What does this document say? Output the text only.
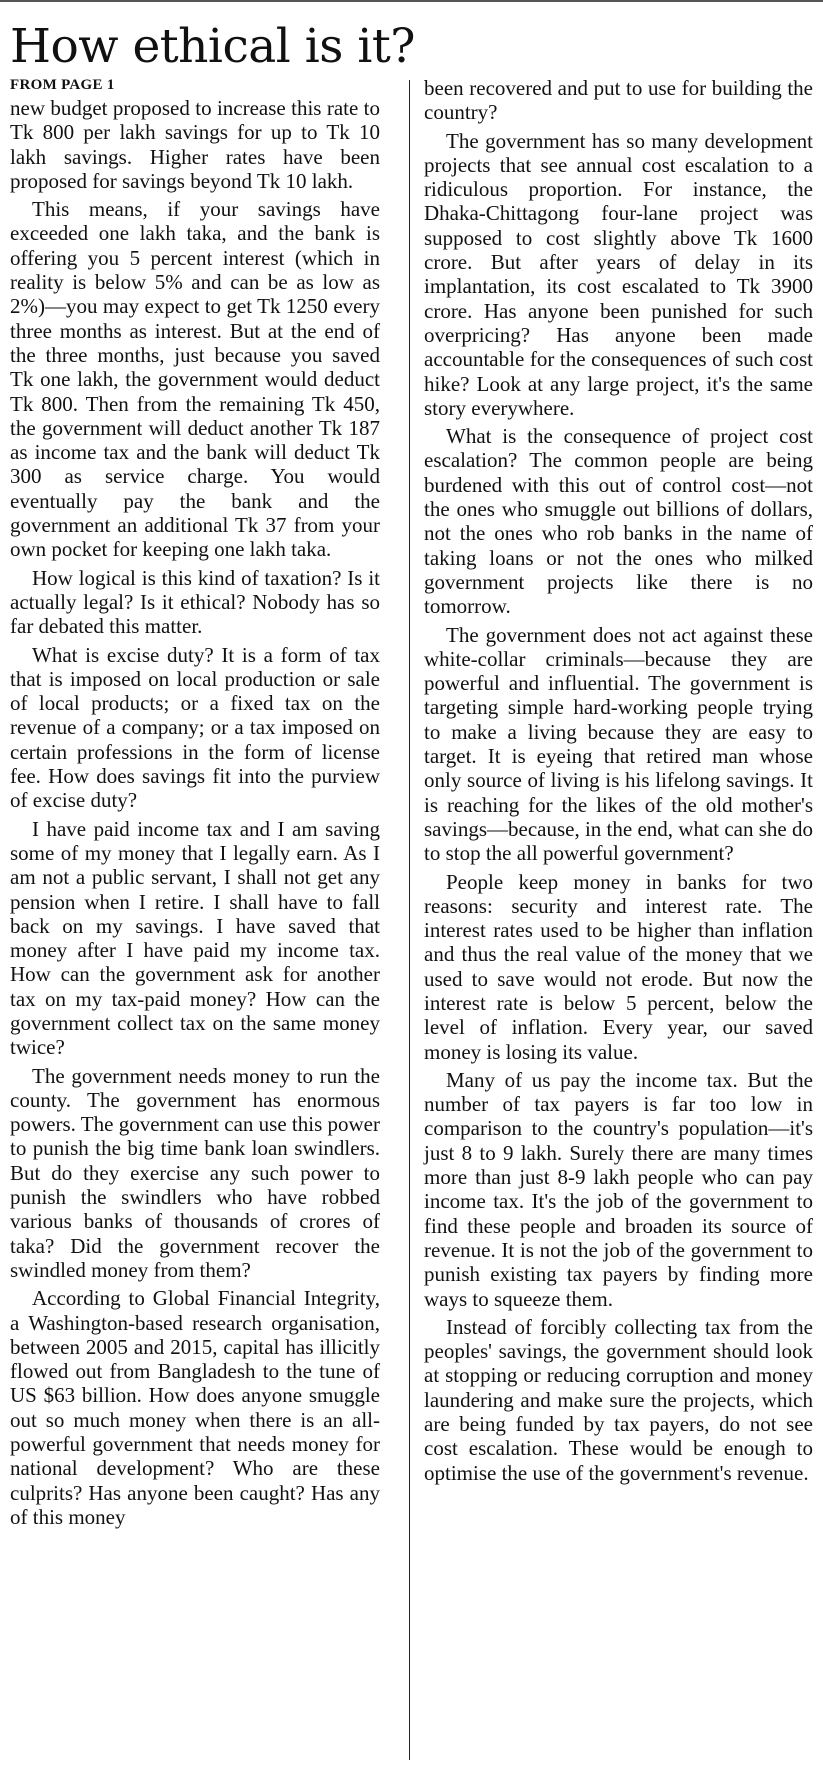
How ethical is it?
FROM PAGE 1

new budget proposed to increase this rate to Tk 800 per lakh savings for up to Tk 10 lakh savings. Higher rates have been proposed for savings beyond Tk 10 lakh.

This means, if your savings have exceeded one lakh taka, and the bank is offering you 5 percent interest (which in reality is below 5% and can be as low as 2%)—you may expect to get Tk 1250 every three months as interest. But at the end of the three months, just because you saved Tk one lakh, the government would deduct Tk 800. Then from the remaining Tk 450, the government will deduct another Tk 187 as income tax and the bank will deduct Tk 300 as service charge. You would eventually pay the bank and the government an additional Tk 37 from your own pocket for keeping one lakh taka.

How logical is this kind of taxation? Is it actually legal? Is it ethical? Nobody has so far debated this matter.

What is excise duty? It is a form of tax that is imposed on local production or sale of local products; or a fixed tax on the revenue of a company; or a tax imposed on certain professions in the form of license fee. How does savings fit into the purview of excise duty?

I have paid income tax and I am saving some of my money that I legally earn. As I am not a public servant, I shall not get any pension when I retire. I shall have to fall back on my savings. I have saved that money after I have paid my income tax. How can the government ask for another tax on my tax-paid money? How can the government collect tax on the same money twice?

The government needs money to run the county. The government has enormous powers. The government can use this power to punish the big time bank loan swindlers. But do they exercise any such power to punish the swindlers who have robbed various banks of thousands of crores of taka? Did the government recover the swindled money from them?

According to Global Financial Integrity, a Washington-based research organisation, between 2005 and 2015, capital has illicitly flowed out from Bangladesh to the tune of US $63 billion. How does anyone smuggle out so much money when there is an all-powerful government that needs money for national development? Who are these culprits? Has anyone been caught? Has any of this money

been recovered and put to use for building the country?

The government has so many development projects that see annual cost escalation to a ridiculous proportion. For instance, the Dhaka-Chittagong four-lane project was supposed to cost slightly above Tk 1600 crore. But after years of delay in its implantation, its cost escalated to Tk 3900 crore. Has anyone been punished for such overpricing? Has anyone been made accountable for the consequences of such cost hike? Look at any large project, it's the same story everywhere.

What is the consequence of project cost escalation? The common people are being burdened with this out of control cost—not the ones who smuggle out billions of dollars, not the ones who rob banks in the name of taking loans or not the ones who milked government projects like there is no tomorrow.

The government does not act against these white-collar criminals—because they are powerful and influential. The government is targeting simple hard-working people trying to make a living because they are easy to target. It is eyeing that retired man whose only source of living is his lifelong savings. It is reaching for the likes of the old mother's savings—because, in the end, what can she do to stop the all powerful government?

People keep money in banks for two reasons: security and interest rate. The interest rates used to be higher than inflation and thus the real value of the money that we used to save would not erode. But now the interest rate is below 5 percent, below the level of inflation. Every year, our saved money is losing its value.

Many of us pay the income tax. But the number of tax payers is far too low in comparison to the country's population—it's just 8 to 9 lakh. Surely there are many times more than just 8-9 lakh people who can pay income tax. It's the job of the government to find these people and broaden its source of revenue. It is not the job of the government to punish existing tax payers by finding more ways to squeeze them.

Instead of forcibly collecting tax from the peoples' savings, the government should look at stopping or reducing corruption and money laundering and make sure the projects, which are being funded by tax payers, do not see cost escalation. These would be enough to optimise the use of the government's revenue.
